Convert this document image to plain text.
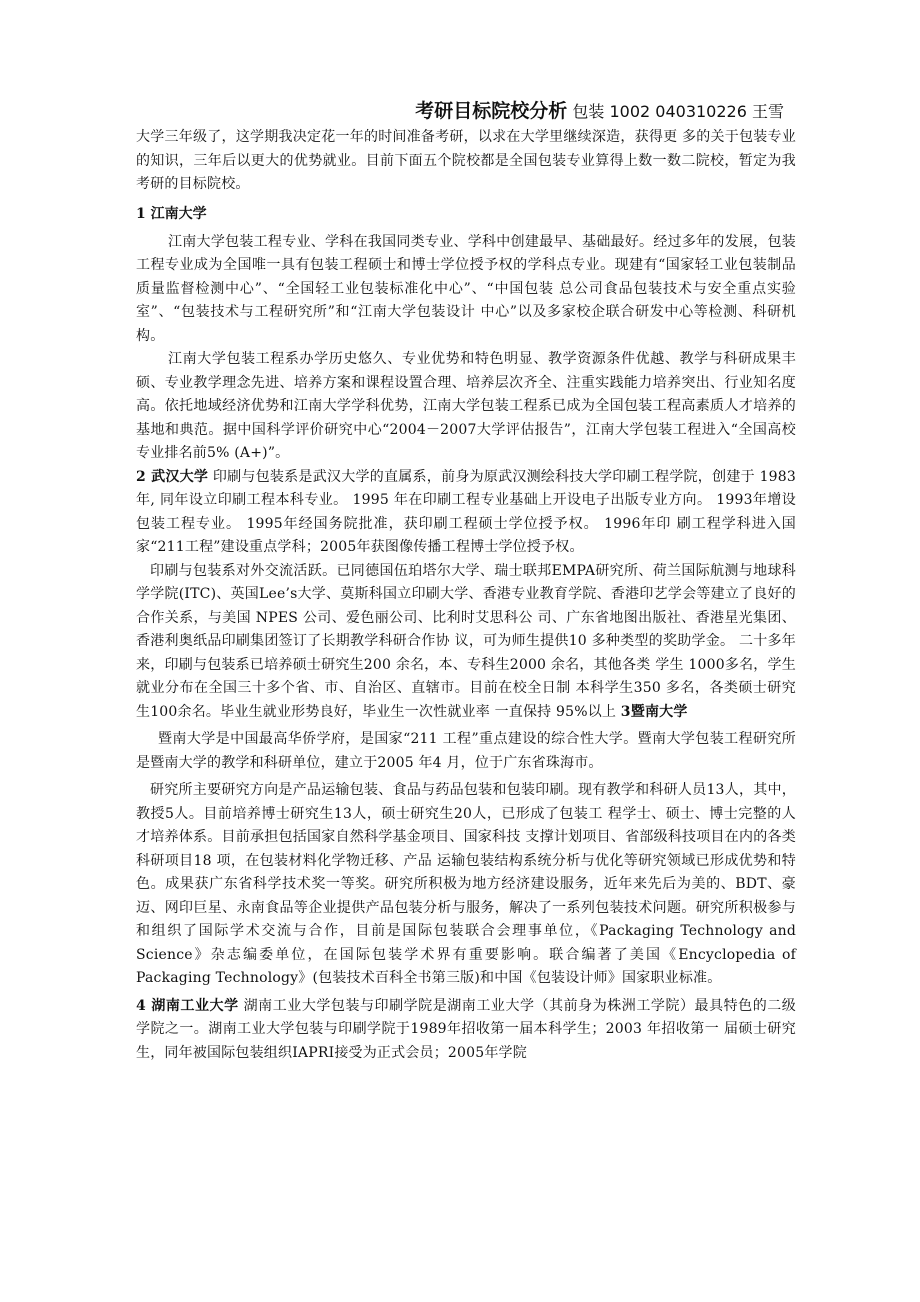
考研目标院校分析 包装 1002 040310226 王雪

大学三年级了，这学期我决定花一年的时间准备考研，以求在大学里继续深造，获得更 多的关于包装专业的知识，三年后以更大的优势就业。目前下面五个院校都是全国包装专业算得上数一数二院校，暂定为我考研的目标院校。

1 江南大学

江南大学包装工程专业、学科在我国同类专业、学科中创建最早、基础最好。经过多年的发展，包装工程专业成为全国唯一具有包装工程硕士和博士学位授予权的学科点专业。现建有“国家轻工业包装制品质量监督检测中心”、“全国轻工业包装标准化中心”、“中国包装 总公司食品包装技术与安全重点实验室”、“包装技术与工程研究所”和“江南大学包装设计 中心”以及多家校企联合研发中心等检测、科研机构。

江南大学包装工程系办学历史悠久、专业优势和特色明显、教学资源条件优越、教学与科研成果丰硕、专业教学理念先进、培养方案和课程设置合理、培养层次齐全、注重实践能力培养突出、行业知名度高。依托地域经济优势和江南大学学科优势，江南大学包装工程系已成为全国包装工程高素质人才培养的基地和典范。据中国科学评价研究中心“2004－2007大学评估报告”，江南大学包装工程进入“全国高校专业排名前5% (A+)”。

2 武汉大学 印刷与包装系是武汉大学的直属系，前身为原武汉测绘科技大学印刷工程学院，创建于 1983 年, 同年设立印刷工程本科专业。 1995 年在印刷工程专业基础上开设电子出版专业方向。 1993年增设包装工程专业。 1995年经国务院批准，获印刷工程硕士学位授予权。 1996年印 刷工程学科进入国家“211工程”建设重点学科；2005年获图像传播工程博士学位授予权。

印刷与包装系对外交流活跃。已同德国伍珀塔尔大学、瑞士联邦EMPA研究所、荷兰国际航测与地球科学学院(ITC)、英国Lee’s大学、莫斯科国立印刷大学、香港专业教育学院、香港印艺学会等建立了良好的合作关系，与美国 NPES 公司、爱色丽公司、比利时艾思科公 司、广东省地图出版社、香港星光集团、香港利奥纸品印刷集团签订了长期教学科研合作协 议，可为师生提供10 多种类型的奖助学金。 二十多年来，印刷与包装系已培养硕士研究生200 余名，本、专科生2000 余名，其他各类 学生 1000多名，学生就业分布在全国三十多个省、市、自治区、直辖市。目前在校全日制 本科学生350 多名，各类硕士研究生100余名。毕业生就业形势良好，毕业生一次性就业率 一直保持 95%以上 3暨南大学

暨南大学是中国最高华侨学府，是国家“211 工程”重点建设的综合性大学。暨南大学包装工程研究所是暨南大学的教学和科研单位，建立于2005 年4 月，位于广东省珠海市。

研究所主要研究方向是产品运输包装、食品与药品包装和包装印刷。现有教学和科研人员13人，其中，教授5人。目前培养博士研究生13人，硕士研究生20人，已形成了包装工 程学士、硕士、博士完整的人才培养体系。目前承担包括国家自然科学基金项目、国家科技 支撑计划项目、省部级科技项目在内的各类科研项目18 项，在包装材料化学物迁移、产品 运输包装结构系统分析与优化等研究领域已形成优势和特色。成果获广东省科学技术奖一等奖。研究所积极为地方经济建设服务，近年来先后为美的、BDT、豪迈、网印巨星、永南食品等企业提供产品包装分析与服务，解决了一系列包装技术问题。研究所积极参与和组织了国际学术交流与合作，目前是国际包装联合会理事单位，《Packaging Technology and Science》杂志编委单位，在国际包装学术界有重要影响。联合编著了美国《Encyclopedia of Packaging Technology》(包装技术百科全书第三版)和中国《包装设计师》国家职业标准。

4 湖南工业大学 湖南工业大学包装与印刷学院是湖南工业大学（其前身为株洲工学院）最具特色的二级 学院之一。湖南工业大学包装与印刷学院于1989年招收第一届本科学生；2003 年招收第一 届硕士研究生，同年被国际包装组织IAPRI接受为正式会员；2005年学院
